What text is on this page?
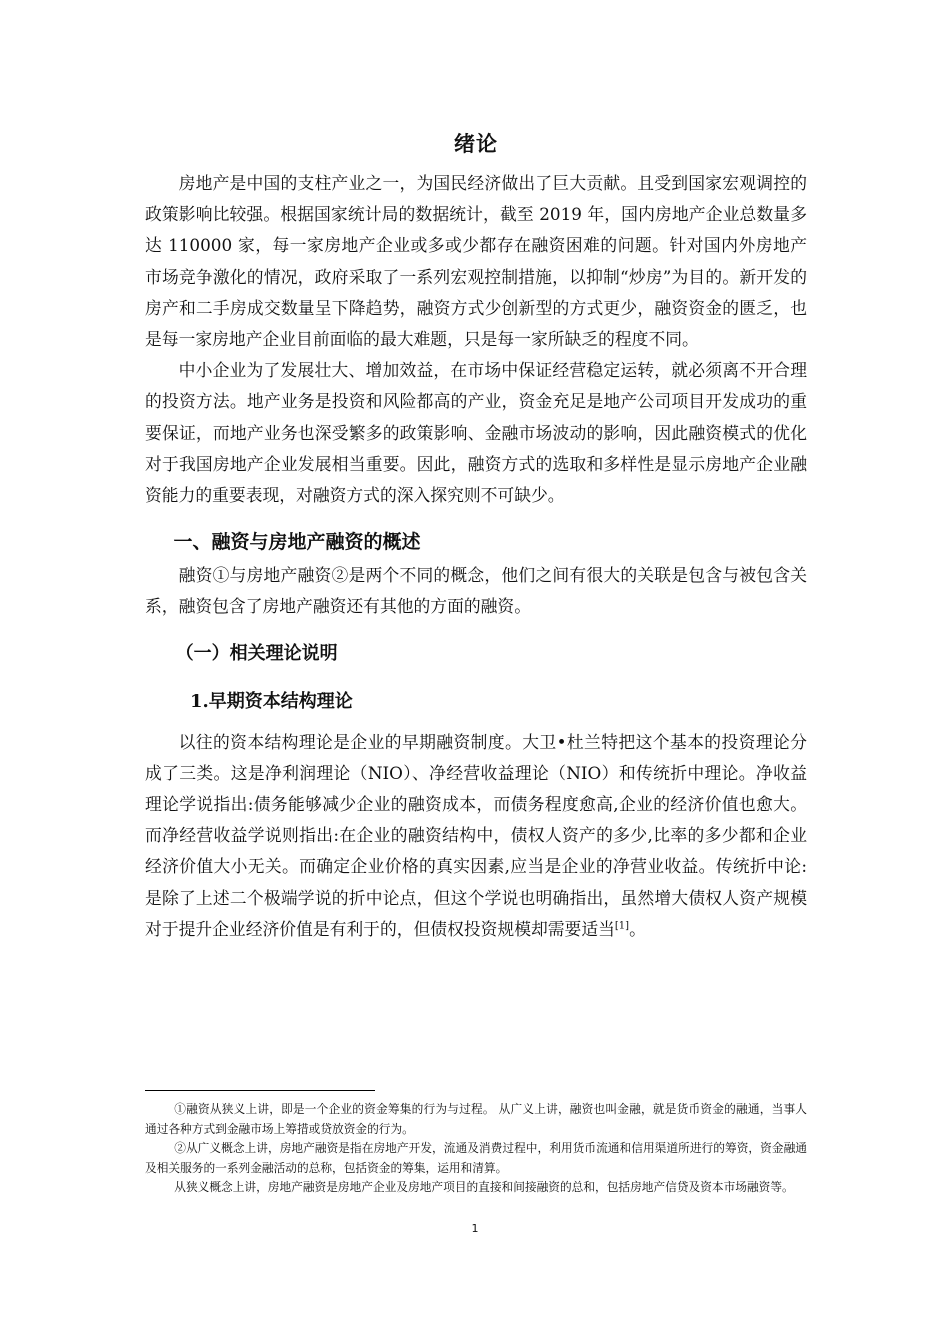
绪论

房地产是中国的支柱产业之一，为国民经济做出了巨大贡献。且受到国家宏观调控的政策影响比较强。根据国家统计局的数据统计，截至 2019 年，国内房地产企业总数量多达 110000 家，每一家房地产企业或多或少都存在融资困难的问题。针对国内外房地产市场竞争激化的情况，政府采取了一系列宏观控制措施，以抑制“炒房”为目的。新开发的房产和二手房成交数量呈下降趋势，融资方式少创新型的方式更少，融资资金的匮乏，也是每一家房地产企业目前面临的最大难题，只是每一家所缺乏的程度不同。

中小企业为了发展壮大、增加效益，在市场中保证经营稳定运转，就必须离不开合理的投资方法。地产业务是投资和风险都高的产业，资金充足是地产公司项目开发成功的重要保证，而地产业务也深受繁多的政策影响、金融市场波动的影响，因此融资模式的优化对于我国房地产企业发展相当重要。因此，融资方式的选取和多样性是显示房地产企业融资能力的重要表现，对融资方式的深入探究则不可缺少。

一、融资与房地产融资的概述

融资①与房地产融资②是两个不同的概念，他们之间有很大的关联是包含与被包含关系，融资包含了房地产融资还有其他的方面的融资。

（一）相关理论说明
1.早期资本结构理论

以往的资本结构理论是企业的早期融资制度。大卫•杜兰特把这个基本的投资理论分成了三类。这是净利润理论（NIO）、净经营收益理论（NIO）和传统折中理论。净收益理论学说指出:债务能够减少企业的融资成本，而债务程度愈高,企业的经济价值也愈大。而净经营收益学说则指出:在企业的融资结构中，债权人资产的多少,比率的多少都和企业经济价值大小无关。而确定企业价格的真实因素,应当是企业的净营业收益。传统折中论:是除了上述二个极端学说的折中论点，但这个学说也明确指出，虽然增大债权人资产规模对于提升企业经济价值是有利于的，但债权投资规模却需要适当[1]。

①融资从狭义上讲，即是一个企业的资金筹集的行为与过程。 从广义上讲，融资也叫金融，就是货币资金的融通，当事人通过各种方式到金融市场上筹措或贷放资金的行为。

②从广义概念上讲，房地产融资是指在房地产开发，流通及消费过程中，利用货币流通和信用渠道所进行的筹资，资金融通及相关服务的一系列金融活动的总称，包括资金的筹集，运用和清算。

从狭义概念上讲，房地产融资是房地产企业及房地产项目的直接和间接融资的总和，包括房地产信贷及资本市场融资等。

1
